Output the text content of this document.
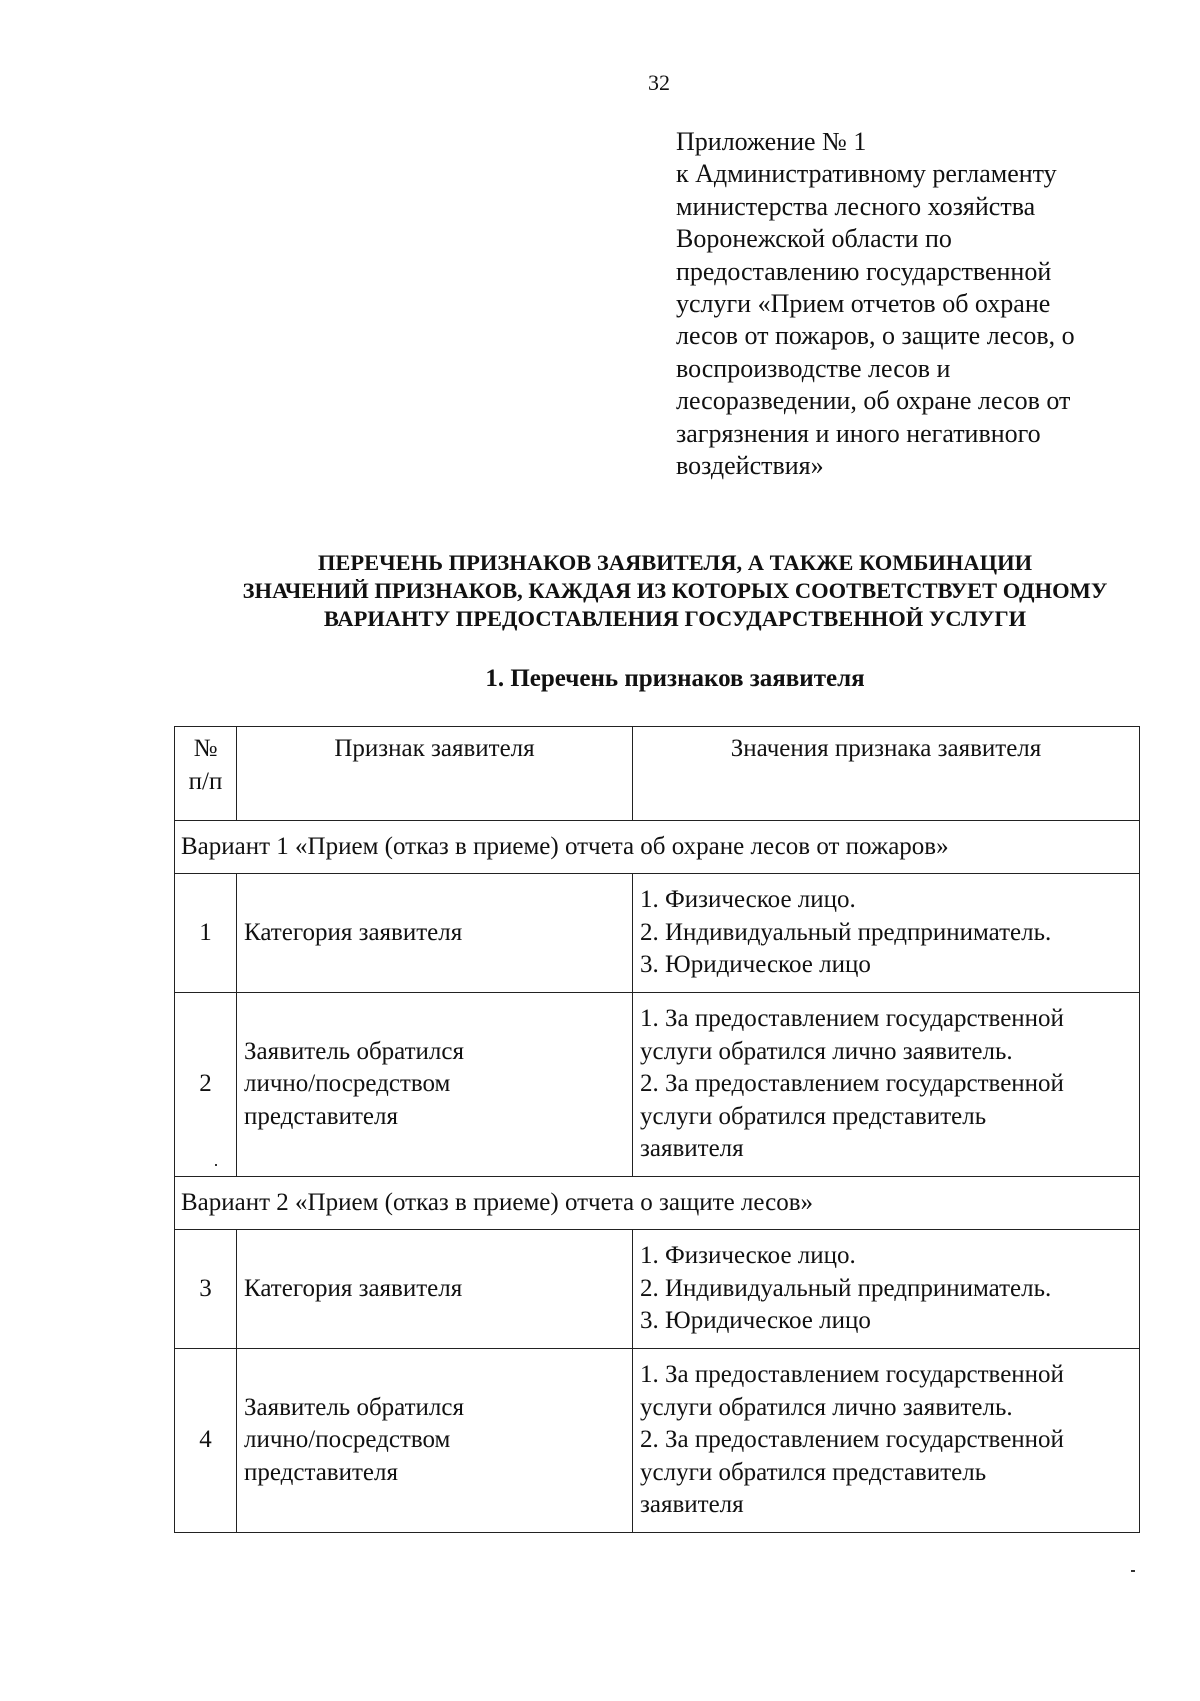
32
Приложение № 1
к Административному регламенту
министерства лесного хозяйства
Воронежской области по
предоставлению государственной
услуги «Прием отчетов об охране
лесов от пожаров, о защите лесов, о
воспроизводстве лесов и
лесоразведении, об охране лесов от
загрязнения и иного негативного
воздействия»
ПЕРЕЧЕНЬ ПРИЗНАКОВ ЗАЯВИТЕЛЯ, А ТАКЖЕ КОМБИНАЦИИ
ЗНАЧЕНИЙ ПРИЗНАКОВ, КАЖДАЯ ИЗ КОТОРЫХ СООТВЕТСТВУЕТ ОДНОМУ
ВАРИАНТУ ПРЕДОСТАВЛЕНИЯ ГОСУДАРСТВЕННОЙ УСЛУГИ
1. Перечень признаков заявителя
№
п/п	Признак заявителя	Значения признака заявителя
Вариант 1 «Прием (отказ в приеме) отчета об охране лесов от пожаров»		
1	Категория заявителя	1. Физическое лицо.
2. Индивидуальный предприниматель.
3. Юридическое лицо

2	Заявитель обратился
лично/посредством
представителя	1. За предоставлением государственной
услуги обратился лично заявитель.
2. За предоставлением государственной
услуги обратился представитель
заявителя

Вариант 2 «Прием (отказ в приеме) отчета о защите лесов»		
3	Категория заявителя	1. Физическое лицо.
2. Индивидуальный предприниматель.
3. Юридическое лицо

4	Заявитель обратился
лично/посредством
представителя	1. За предоставлением государственной
услуги обратился лично заявитель.
2. За предоставлением государственной
услуги обратился представитель
заявителя
